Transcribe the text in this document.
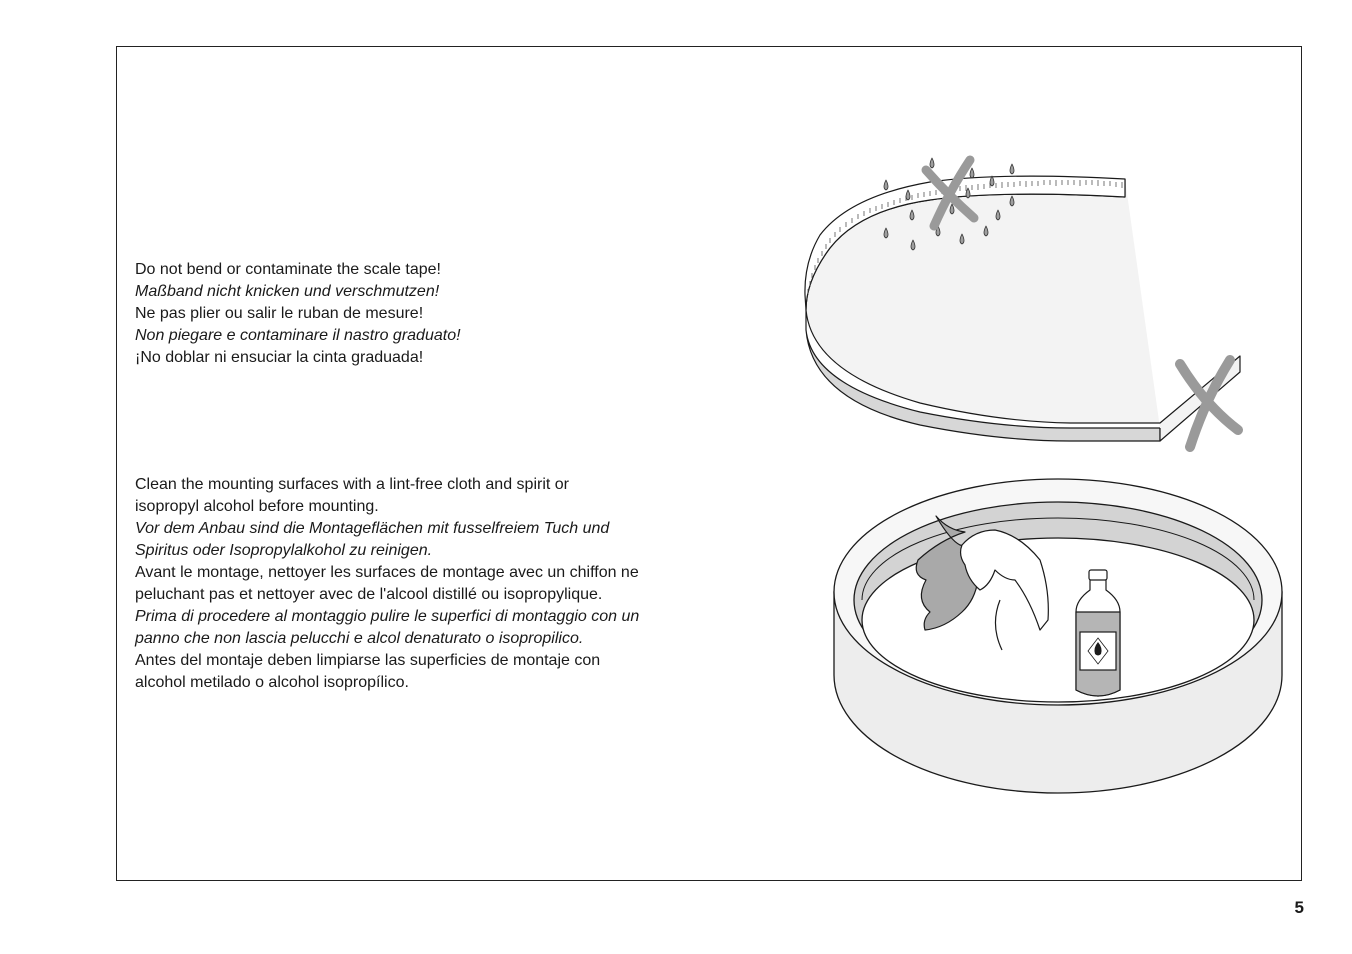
Do not bend or contaminate the scale tape!

Maßband nicht knicken und verschmutzen!

Ne pas plier ou salir le ruban de mesure!

Non piegare e contaminare il nastro graduato!

¡No doblar ni ensuciar la cinta graduada!

Clean the mounting surfaces with a lint-free cloth and spirit or

isopropyl alcohol before mounting.

Vor dem Anbau sind die Montageflächen mit fusselfreiem Tuch und

Spiritus oder Isopropylalkohol zu reinigen.

Avant le montage, nettoyer les surfaces de montage avec un chiffon ne

peluchant pas et nettoyer avec de l'alcool distillé ou isopropylique.

Prima di procedere al montaggio pulire le superfici di montaggio con un

panno che non lascia pelucchi e alcol denaturato o isopropilico.

Antes del montaje deben limpiarse las superficies de montaje con

alcohol metilado o alcohol isopropílico.

5
